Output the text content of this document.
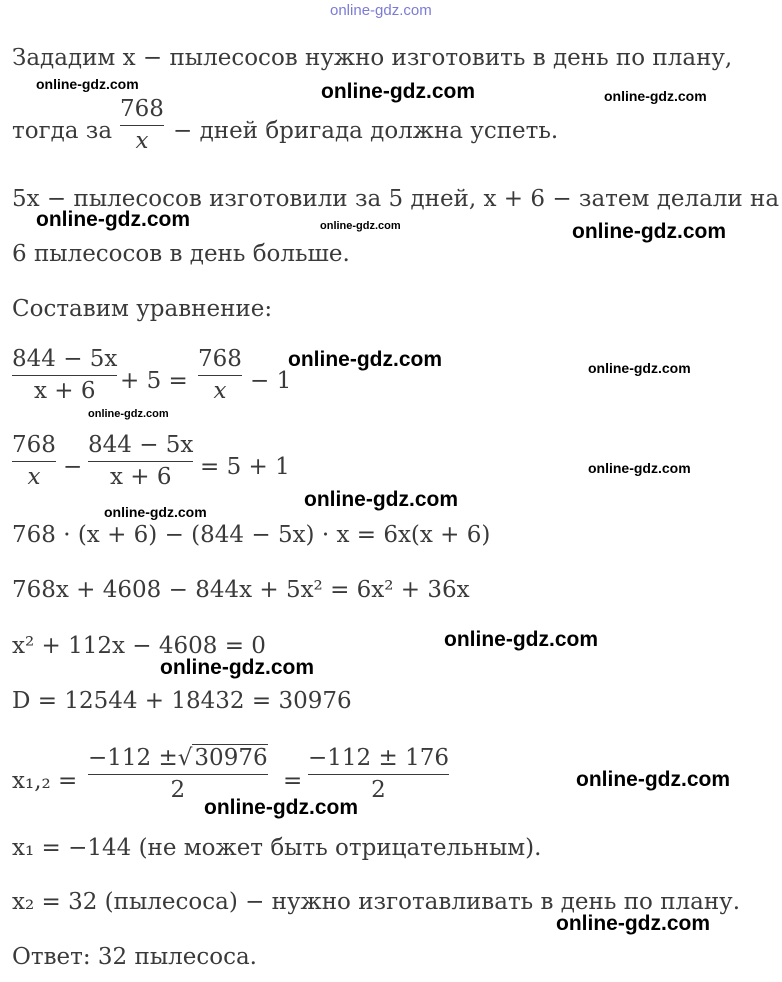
online-gdz.com
Зададим x − пылесосов нужно изготовить в день по плану,
тогда за
768
x − дней бригада должна успеть.
5x − пылесосов изготовили за 5 дней, x + 6 − затем делали на
6 пылесосов в день больше.
Составим уравнение:
844 − 5x
x + 6 + 5 =
768
x − 1
768
x −
844 − 5x
x + 6 = 5 + 1
768 · (x + 6) − (844 − 5x) · x = 6x(x + 6)
768x + 4608 − 844x + 5x² = 6x² + 36x
x² + 112x − 4608 = 0
D = 12544 + 18432 = 30976
x₁,₂ =
−112 ±√30976
2	=
−112 ± 176
2
x₁ = −144 (не может быть отрицательным).
x₂ = 32 (пылесоса) − нужно изготавливать в день по плану.
Ответ: 32 пылесоса.
online-gdz.com	online-gdz.com	online-gdz.com
online-gdz.com	online-gdz.com	online-gdz.com
online-gdz.com	online-gdz.com
online-gdz.com
online-gdz.com
online-gdz.com
online-gdz.com
online-gdz.com
online-gdz.com
online-gdz.com
online-gdz.com
online-gdz.com
